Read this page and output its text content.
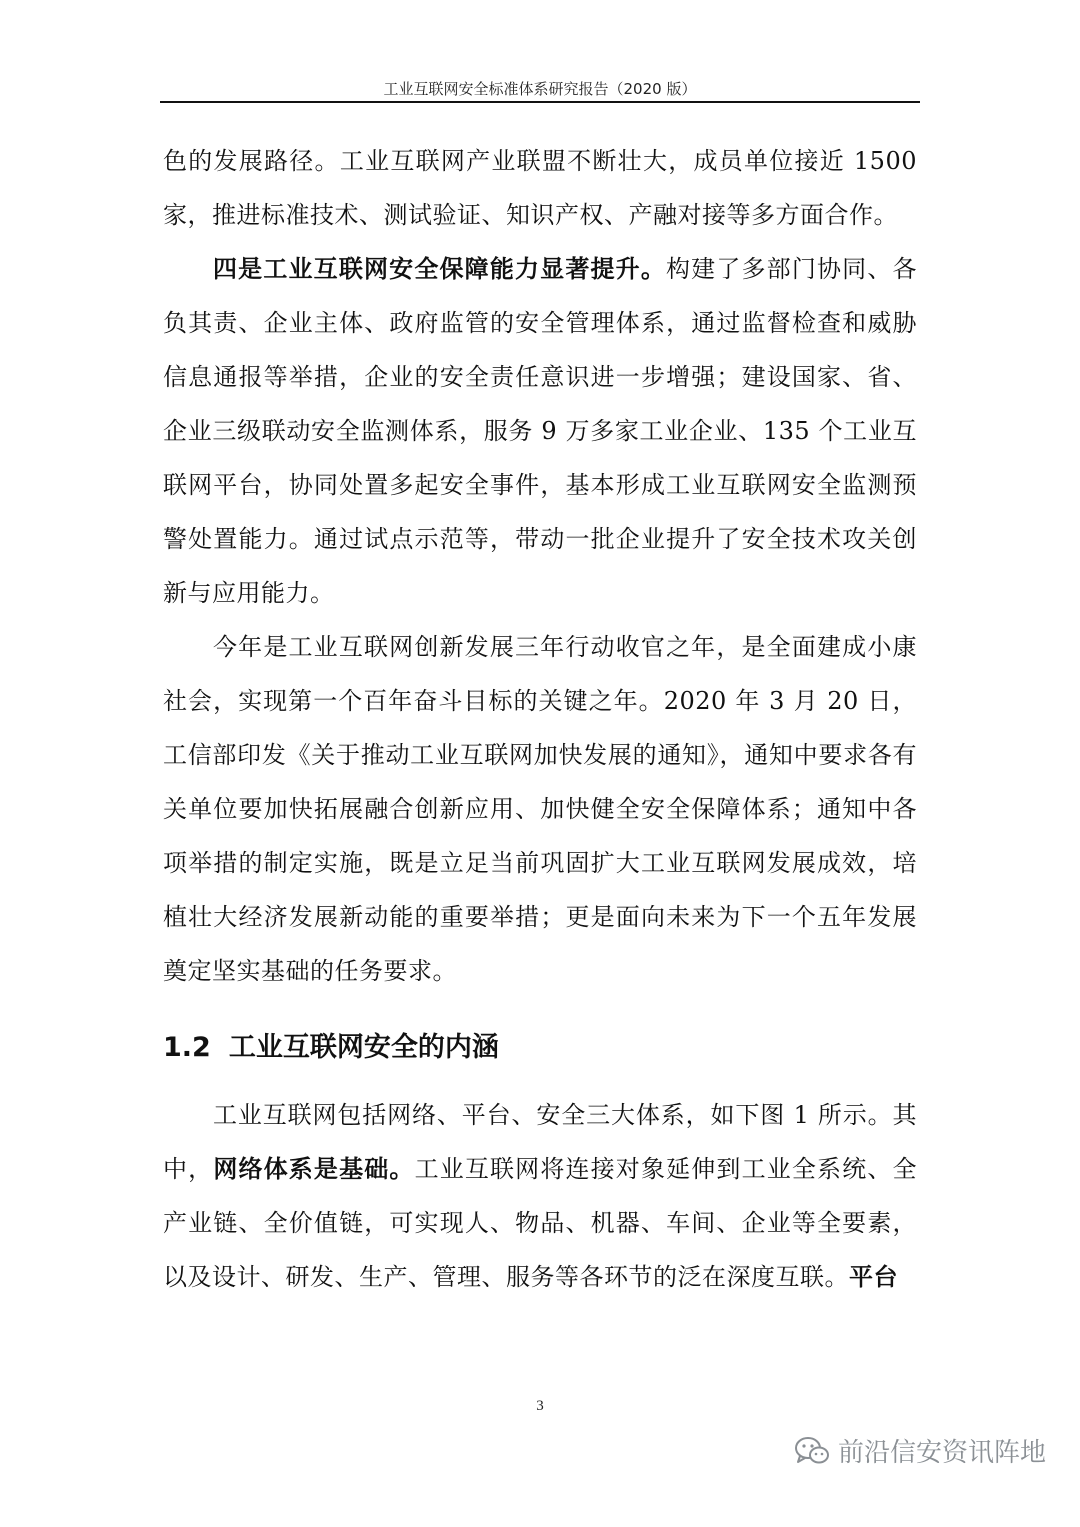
工业互联网安全标准体系研究报告（2020 版）

色的发展路径。工业互联网产业联盟不断壮大，成员单位接近 1500 家，推进标准技术、测试验证、知识产权、产融对接等多方面合作。

四是工业互联网安全保障能力显著提升。构建了多部门协同、各负其责、企业主体、政府监管的安全管理体系，通过监督检查和威胁信息通报等举措，企业的安全责任意识进一步增强；建设国家、省、企业三级联动安全监测体系，服务 9 万多家工业企业、135 个工业互联网平台，协同处置多起安全事件，基本形成工业互联网安全监测预警处置能力。通过试点示范等，带动一批企业提升了安全技术攻关创新与应用能力。

今年是工业互联网创新发展三年行动收官之年，是全面建成小康社会，实现第一个百年奋斗目标的关键之年。2020 年 3 月 20 日，工信部印发《关于推动工业互联网加快发展的通知》，通知中要求各有关单位要加快拓展融合创新应用、加快健全安全保障体系；通知中各项举措的制定实施，既是立足当前巩固扩大工业互联网发展成效，培植壮大经济发展新动能的重要举措；更是面向未来为下一个五年发展奠定坚实基础的任务要求。

1.2 工业互联网安全的内涵

工业互联网包括网络、平台、安全三大体系，如下图 1 所示。其中，网络体系是基础。工业互联网将连接对象延伸到工业全系统、全产业链、全价值链，可实现人、物品、机器、车间、企业等全要素，以及设计、研发、生产、管理、服务等各环节的泛在深度互联。平台

3
前沿信安资讯阵地
